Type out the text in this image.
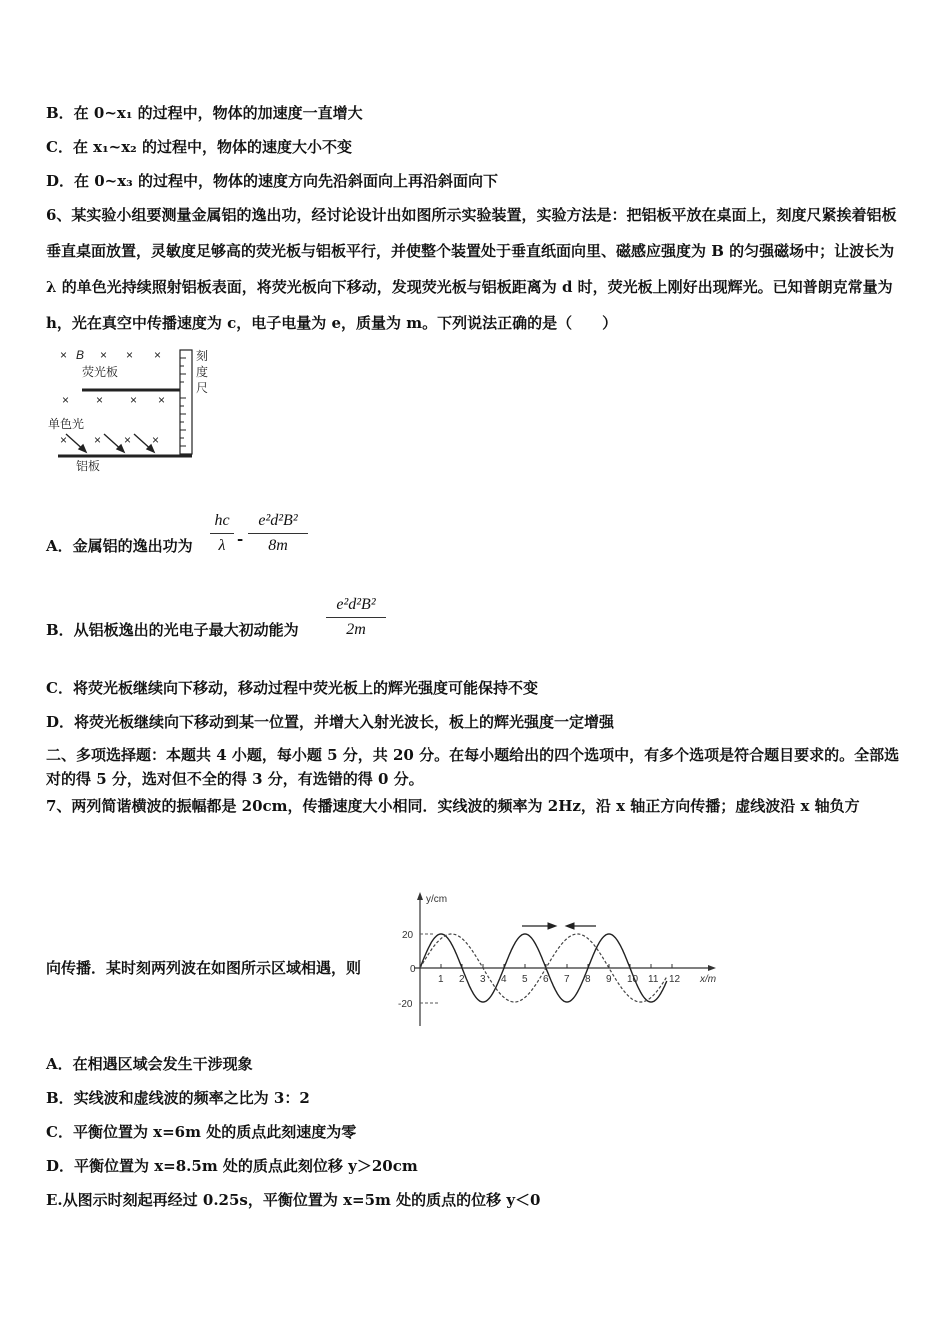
B．在 0~x₁ 的过程中，物体的加速度一直增大
C．在 x₁~x₂ 的过程中，物体的速度大小不变
D．在 0~x₃ 的过程中，物体的速度方向先沿斜面向上再沿斜面向下
6、某实验小组要测量金属铝的逸出功，经讨论设计出如图所示实验装置，实验方法是：把铝板平放在桌面上，刻度尺紧挨着铝板垂直桌面放置，灵敏度足够高的荧光板与铝板平行，并使整个装置处于垂直纸面向里、磁感应强度为 B 的匀强磁场中；让波长为 λ 的单色光持续照射铝板表面，将荧光板向下移动，发现荧光板与铝板距离为 d 时，荧光板上刚好出现辉光。已知普朗克常量为 h，光在真空中传播速度为 c，电子电量为 e，质量为 m。下列说法正确的是（　　）
× B × × ×
荧光板
× × × ×
单色光
× × × ×
铝板
刻
度
尺
A．金属铝的逸出功为 $\frac{hc}{\lambda} - \frac{\text{e²d²B²}}{8m}$
B．从铝板逸出的光电子最大初动能为 $\frac{\text{e²d²B²}}{2m}$
C．将荧光板继续向下移动，移动过程中荧光板上的辉光强度可能保持不变
D．将荧光板继续向下移动到某一位置，并增大入射光波长，板上的辉光强度一定增强
二、多项选择题：本题共 4 小题，每小题 5 分，共 20 分。在每小题给出的四个选项中，有多个选项是符合题目要求的。全部选对的得 5 分，选对但不全的得 3 分，有选错的得 0 分。
7、两列简谐横波的振幅都是 20cm，传播速度大小相同．实线波的频率为 2Hz，沿 x 轴正方向传播；虚线波沿 x 轴负方
向传播．某时刻两列波在如图所示区域相遇，则
y/cm
x/m
0
20
-20
1 2 3 4 5 6 7 8 9 10 11 12
A．在相遇区域会发生干涉现象
B．实线波和虚线波的频率之比为 3：2
C．平衡位置为 x=6m 处的质点此刻速度为零
D．平衡位置为 x=8.5m 处的质点此刻位移 y＞20cm
E.从图示时刻起再经过 0.25s，平衡位置为 x=5m 处的质点的位移 y＜0
